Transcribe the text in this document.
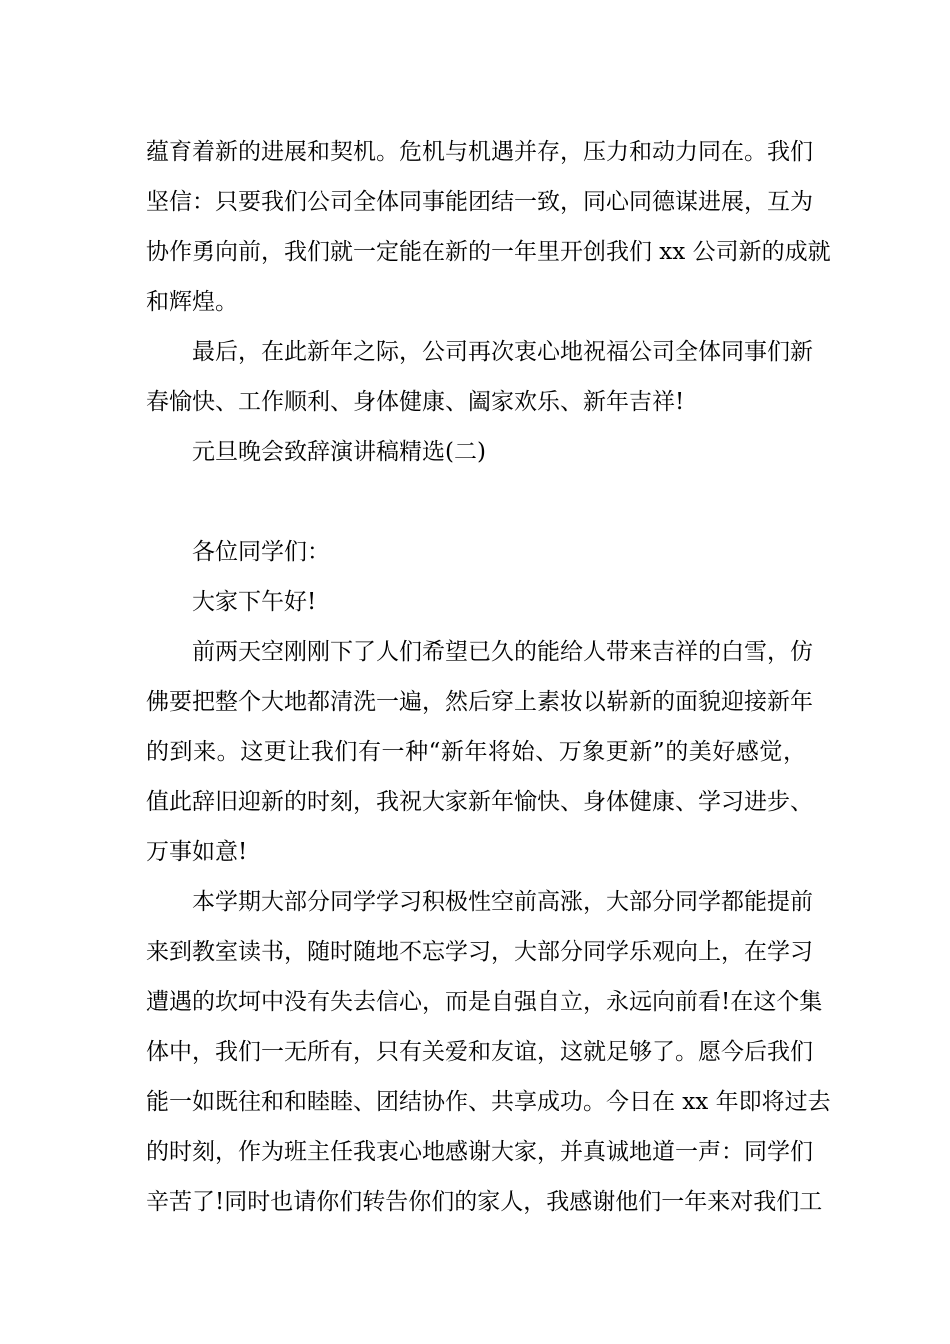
蕴育着新的进展和契机。危机与机遇并存，压力和动力同在。我们
坚信：只要我们公司全体同事能团结一致，同心同德谋进展，互为
协作勇向前，我们就一定能在新的一年里开创我们 xx 公司新的成就
和辉煌。
最后，在此新年之际，公司再次衷心地祝福公司全体同事们新
春愉快、工作顺利、身体健康、阖家欢乐、新年吉祥!
元旦晚会致辞演讲稿精选(二)
各位同学们：
大家下午好!
前两天空刚刚下了人们希望已久的能给人带来吉祥的白雪，仿
佛要把整个大地都清洗一遍，然后穿上素妆以崭新的面貌迎接新年
的到来。这更让我们有一种“新年将始、万象更新”的美好感觉，
值此辞旧迎新的时刻，我祝大家新年愉快、身体健康、学习进步、
万事如意!
本学期大部分同学学习积极性空前高涨，大部分同学都能提前
来到教室读书，随时随地不忘学习，大部分同学乐观向上，在学习
遭遇的坎坷中没有失去信心，而是自强自立，永远向前看!在这个集
体中，我们一无所有，只有关爱和友谊，这就足够了。愿今后我们
能一如既往和和睦睦、团结协作、共享成功。今日在 xx 年即将过去
的时刻，作为班主任我衷心地感谢大家，并真诚地道一声：同学们
辛苦了!同时也请你们转告你们的家人，我感谢他们一年来对我们工
